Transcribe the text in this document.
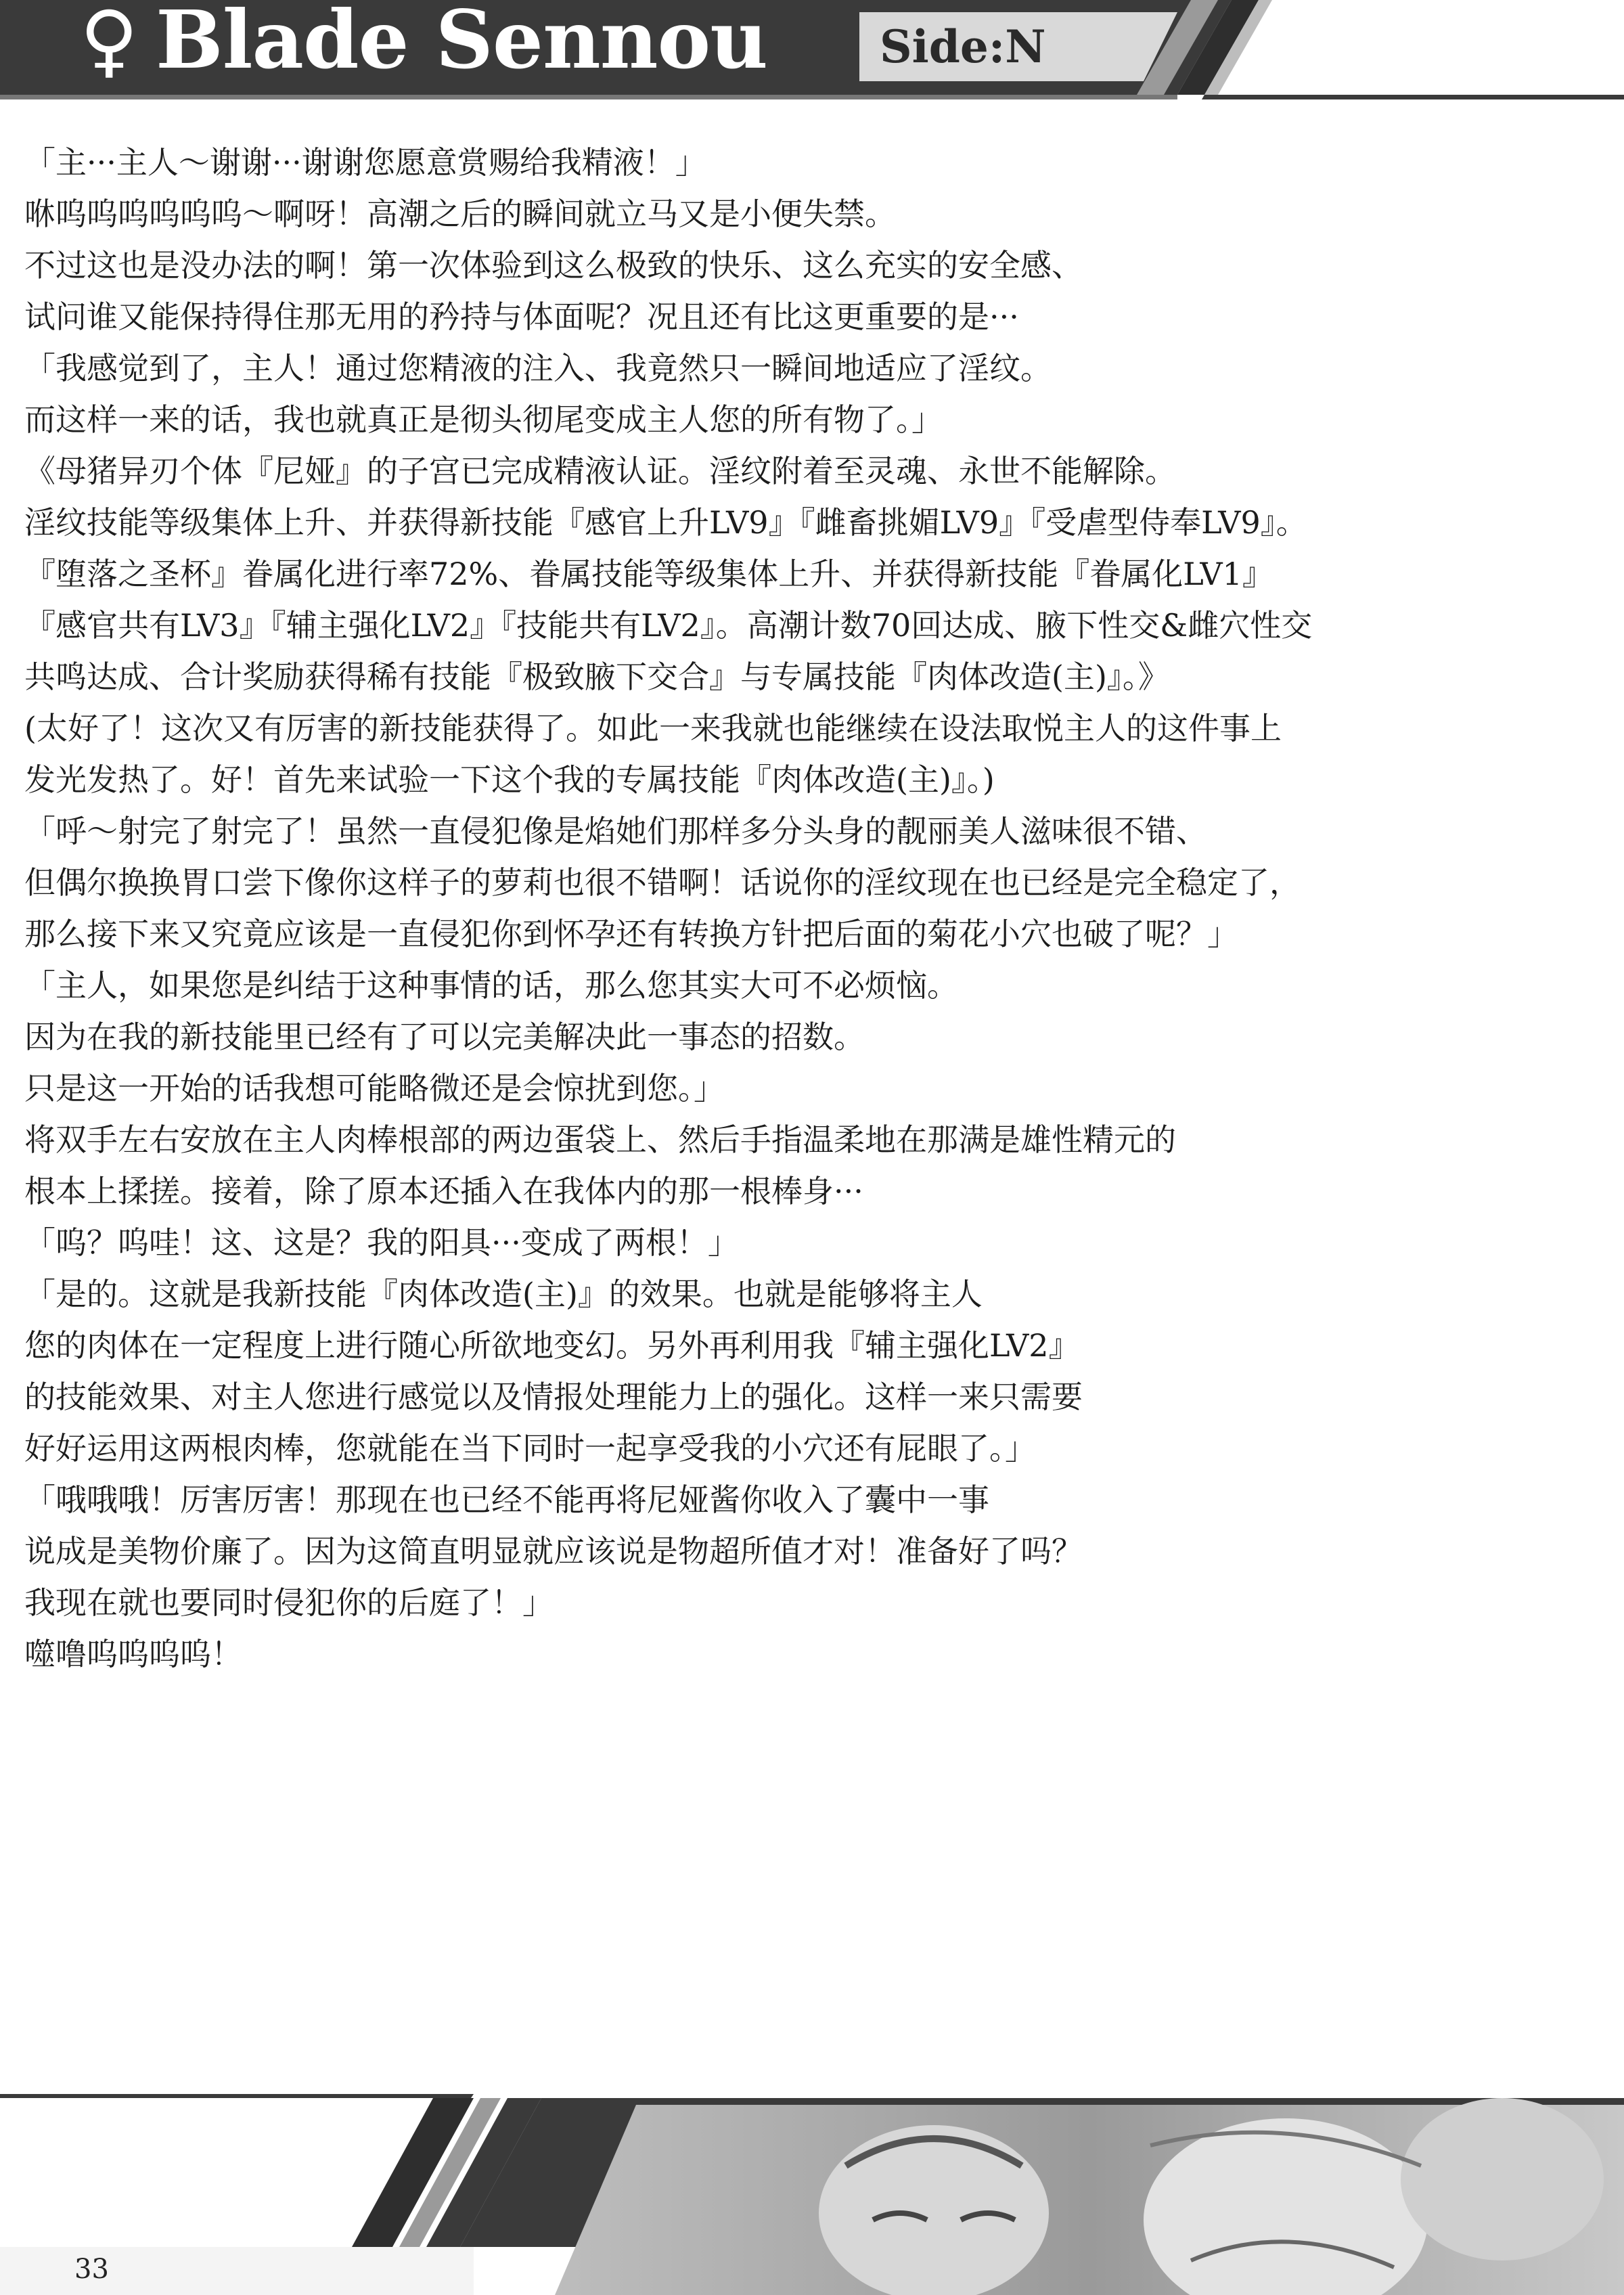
♀ Blade Sennou	Side:N

「主···主人～谢谢···谢谢您愿意赏赐给我精液！」

咻呜呜呜呜呜呜～啊呀！高潮之后的瞬间就立马又是小便失禁。

不过这也是没办法的啊！第一次体验到这么极致的快乐、这么充实的安全感、

试问谁又能保持得住那无用的矜持与体面呢？况且还有比这更重要的是···

「我感觉到了，主人！通过您精液的注入、我竟然只一瞬间地适应了淫纹。

而这样一来的话，我也就真正是彻头彻尾变成主人您的所有物了。」

《母猪异刃个体『尼娅』的子宫已完成精液认证。淫纹附着至灵魂、永世不能解除。

淫纹技能等级集体上升、并获得新技能『感官上升LV9』『雌畜挑媚LV9』『受虐型侍奉LV9』。

『堕落之圣杯』眷属化进行率72%、眷属技能等级集体上升、并获得新技能『眷属化LV1』

『感官共有LV3』『辅主强化LV2』『技能共有LV2』。高潮计数70回达成、腋下性交&雌穴性交

共鸣达成、合计奖励获得稀有技能『极致腋下交合』与专属技能『肉体改造(主)』。》

(太好了！这次又有厉害的新技能获得了。如此一来我就也能继续在设法取悦主人的这件事上

发光发热了。好！首先来试验一下这个我的专属技能『肉体改造(主)』。)

「呼～射完了射完了！虽然一直侵犯像是焰她们那样多分头身的靓丽美人滋味很不错、

但偶尔换换胃口尝下像你这样子的萝莉也很不错啊！话说你的淫纹现在也已经是完全稳定了，

那么接下来又究竟应该是一直侵犯你到怀孕还有转换方针把后面的菊花小穴也破了呢？」

「主人，如果您是纠结于这种事情的话，那么您其实大可不必烦恼。

因为在我的新技能里已经有了可以完美解决此一事态的招数。

只是这一开始的话我想可能略微还是会惊扰到您。」

将双手左右安放在主人肉棒根部的两边蛋袋上、然后手指温柔地在那满是雄性精元的

根本上揉搓。接着，除了原本还插入在我体内的那一根棒身···

「呜？呜哇！这、这是？我的阳具···变成了两根！」

「是的。这就是我新技能『肉体改造(主)』的效果。也就是能够将主人

您的肉体在一定程度上进行随心所欲地变幻。另外再利用我『辅主强化LV2』

的技能效果、对主人您进行感觉以及情报处理能力上的强化。这样一来只需要

好好运用这两根肉棒，您就能在当下同时一起享受我的小穴还有屁眼了。」

「哦哦哦！厉害厉害！那现在也已经不能再将尼娅酱你收入了囊中一事

说成是美物价廉了。因为这简直明显就应该说是物超所值才对！准备好了吗？

我现在就也要同时侵犯你的后庭了！」

噬噜呜呜呜呜！

33
